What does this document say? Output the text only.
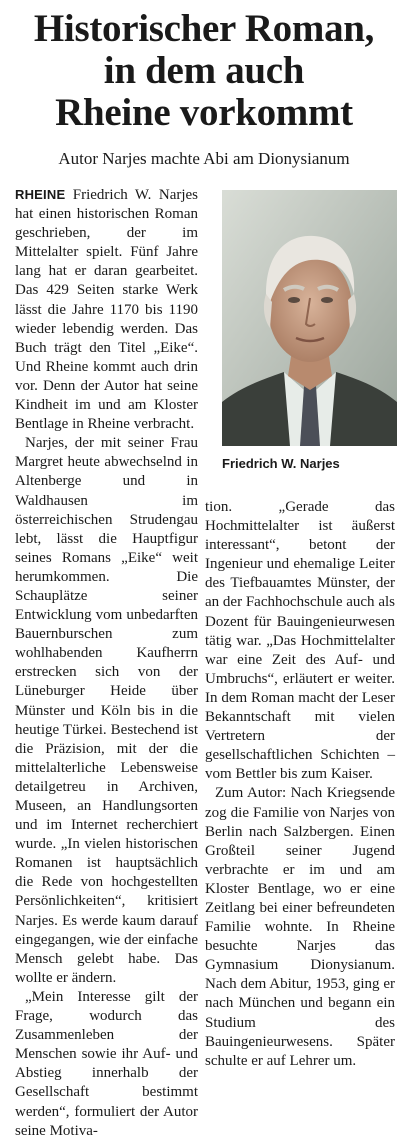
Historischer Roman,
in dem auch
Rheine vorkommt
Autor Narjes machte Abi am Dionysianum

RHEINE Friedrich W. Narjes hat einen historischen Roman geschrieben, der im Mittelalter spielt. Fünf Jahre lang hat er daran gearbeitet. Das 429 Seiten starke Werk lässt die Jahre 1170 bis 1190 wieder lebendig werden. Das Buch trägt den Titel „Eike“. Und Rheine kommt auch drin vor. Denn der Autor hat seine Kindheit im und am Kloster Bentlage in Rheine verbracht.

Narjes, der mit seiner Frau Margret heute abwechselnd in Altenberge und in Waldhausen im österreichischen Strudengau lebt, lässt die Hauptfigur seines Romans „Eike“ weit herumkommen. Die Schauplätze seiner Entwicklung vom unbedarften Bauernburschen zum wohlhabenden Kaufherrn erstrecken sich von der Lüneburger Heide über Münster und Köln bis in die heutige Türkei. Bestechend ist die Präzision, mit der die mittelalterliche Lebensweise detailgetreu in Archiven, Museen, an Handlungsorten und im Internet recherchiert wurde. „In vielen historischen Romanen ist hauptsächlich die Rede von hochgestellten Persönlichkeiten“, kritisiert Narjes. Es werde kaum darauf eingegangen, wie der einfache Mensch gelebt habe. Das wollte er ändern.

„Mein Interesse gilt der Frage, wodurch das Zusammenleben der Menschen sowie ihr Auf- und Abstieg innerhalb der Gesellschaft bestimmt werden“, formuliert der Autor seine Motiva-

Friedrich W. Narjes

tion. „Gerade das Hochmittelalter ist äußerst interessant“, betont der Ingenieur und ehemalige Leiter des Tiefbauamtes Münster, der an der Fachhochschule auch als Dozent für Bauingenieurwesen tätig war. „Das Hochmittelalter war eine Zeit des Auf- und Umbruchs“, erläutert er weiter. In dem Roman macht der Leser Bekanntschaft mit vielen Vertretern der gesellschaftlichen Schichten – vom Bettler bis zum Kaiser.

Zum Autor: Nach Kriegsende zog die Familie von Narjes von Berlin nach Salzbergen. Einen Großteil seiner Jugend verbrachte er im und am Kloster Bentlage, wo er eine Zeitlang bei einer befreundeten Familie wohnte. In Rheine besuchte Narjes das Gymnasium Dionysianum. Nach dem Abitur, 1953, ging er nach München und begann ein Studium des Bauingenieurwesens. Später schulte er auf Lehrer um.
